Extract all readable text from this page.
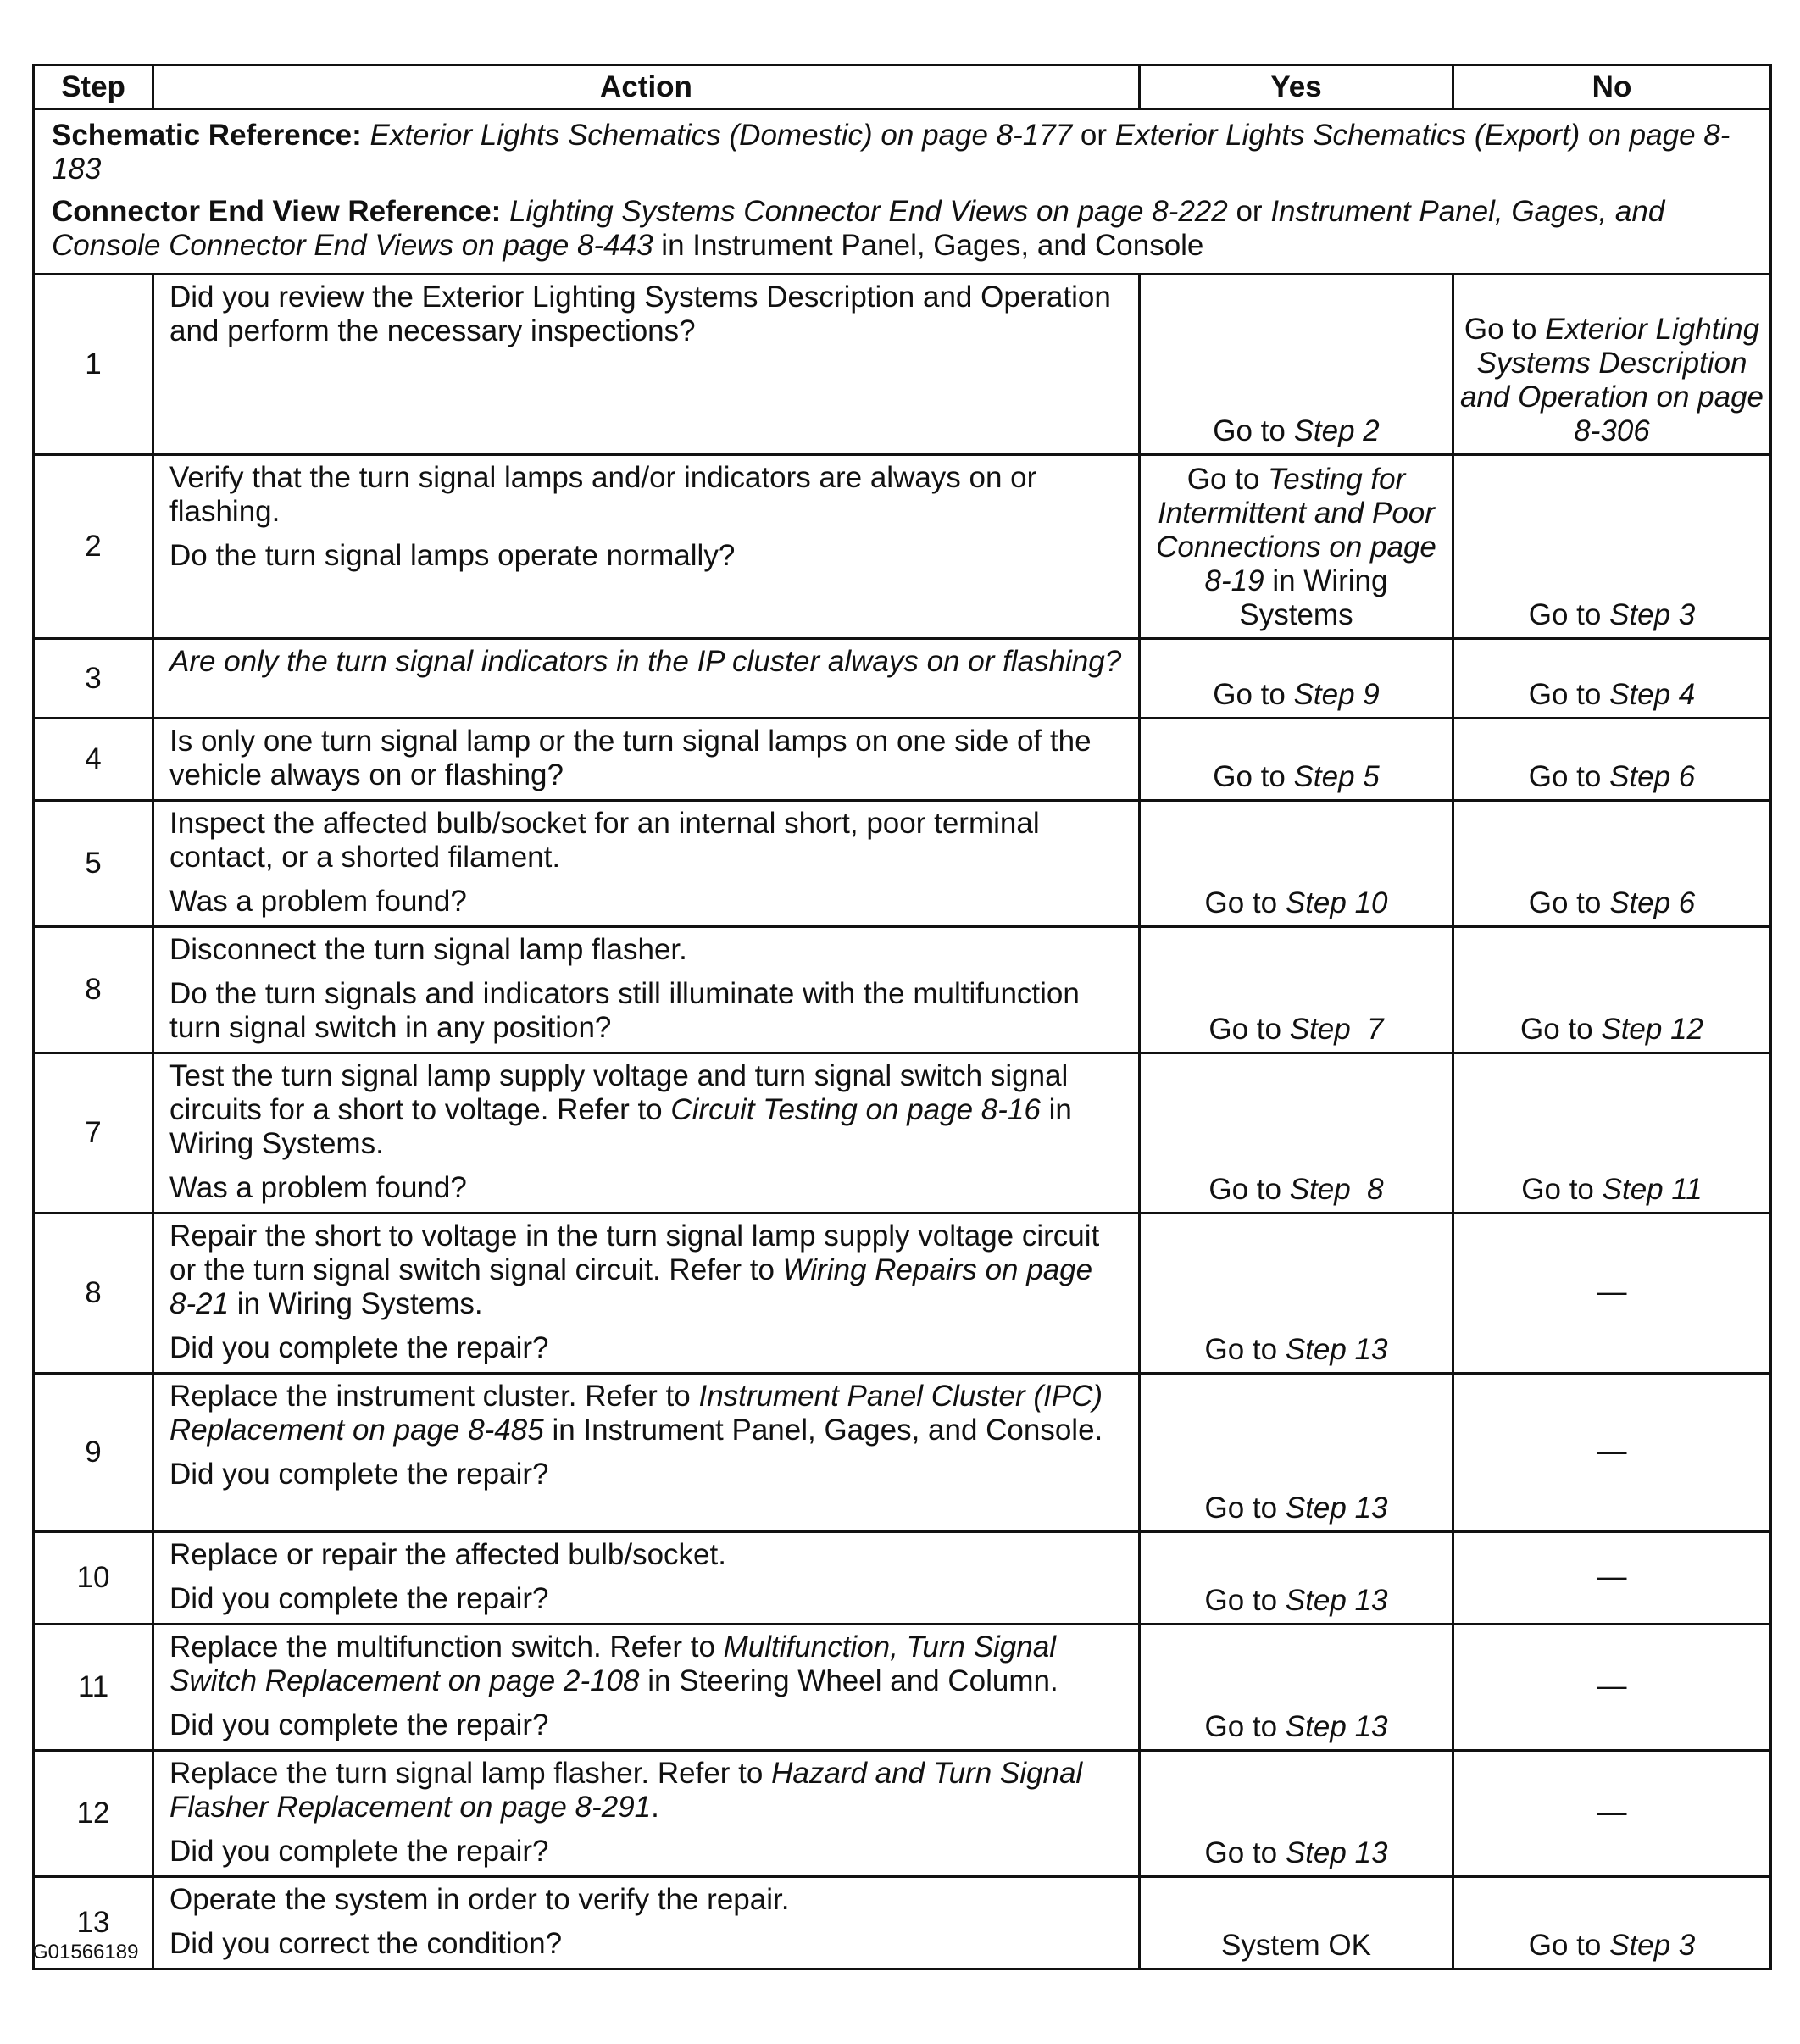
Step	Action	Yes	No

Schematic Reference: Exterior Lights Schematics (Domestic) on page 8-177 or Exterior Lights Schematics (Export) on page 8-183

Connector End View Reference: Lighting Systems Connector End Views on page 8-222 or Instrument Panel, Gages, and Console Connector End Views on page 8-443 in Instrument Panel, Gages, and Console			

1	Did you review the Exterior Lighting Systems Description and Operation and perform the necessary inspections?	Go to Step 2	Go to Exterior Lighting Systems Description and Operation on page 8-306
2	Verify that the turn signal lamps and/or indicators are always on or flashing.

Do the turn signal lamps operate normally?	Go to Testing for Intermittent and Poor Connections on page 8-19 in Wiring Systems	Go to Step 3
3	Are only the turn signal indicators in the IP cluster always on or flashing?	Go to Step 9	Go to Step 4
4	Is only one turn signal lamp or the turn signal lamps on one side of the vehicle always on or flashing?	Go to Step 5	Go to Step 6
5	Inspect the affected bulb/socket for an internal short, poor terminal contact, or a shorted filament.

Was a problem found?	Go to Step 10	Go to Step 6
8	Disconnect the turn signal lamp flasher.

Do the turn signals and indicators still illuminate with the multifunction turn signal switch in any position?	Go to Step  7	Go to Step 12
7	Test the turn signal lamp supply voltage and turn signal switch signal circuits for a short to voltage. Refer to Circuit Testing on page 8-16 in Wiring Systems.

Was a problem found?	Go to Step  8	Go to Step 11
8	Repair the short to voltage in the turn signal lamp supply voltage circuit or the turn signal switch signal circuit. Refer to Wiring Repairs on page 8-21 in Wiring Systems.

Did you complete the repair?	Go to Step 13	—
9	Replace the instrument cluster. Refer to Instrument Panel Cluster (IPC) Replacement on page 8-485 in Instrument Panel, Gages, and Console.

Did you complete the repair?	Go to Step 13	—
10	Replace or repair the affected bulb/socket.

Did you complete the repair?	Go to Step 13	—
11	Replace the multifunction switch. Refer to Multifunction, Turn Signal Switch Replacement on page 2-108 in Steering Wheel and Column.

Did you complete the repair?	Go to Step 13	—
12	Replace the turn signal lamp flasher. Refer to Hazard and Turn Signal Flasher Replacement on page 8-291.

Did you complete the repair?	Go to Step 13	—
13	Operate the system in order to verify the repair.

Did you correct the condition?	System OK	Go to Step 3
G01566189
